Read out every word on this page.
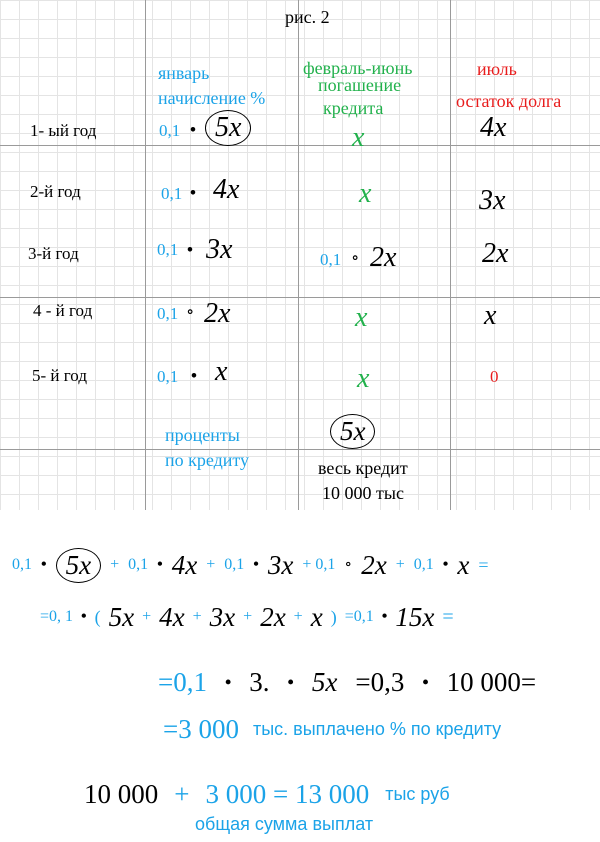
рис. 2
январь
начисление %
февраль-июнь
погашение
кредита
июль
остаток долга
1- ый год	0,1 • 5x	x	4x
2-й год	0,1 • 4x	x	3x
3-й год	0,1 • 3x	0,1 ∘ 2x	2x
4 - й год	0,1 ∘ 2x	x	x
5- й год	0,1 • x	x	0
проценты
по кредиту
5x
весь кредит
10 000 тыс
0,1 • 5x	+ 0,1 • 4x + 0,1 • 3x + 0,1 ∘ 2x + 0,1 • x =
=0, 1 • ( 5x + 4x + 3x + 2x + x ) =0,1 • 15x =
=0,1 • 3. • 5x =0,3 • 10 000=
=3 000 тыс. выплачено % по кредиту
10 000 + 3 000 = 13 000 тыс руб
общая сумма выплат
